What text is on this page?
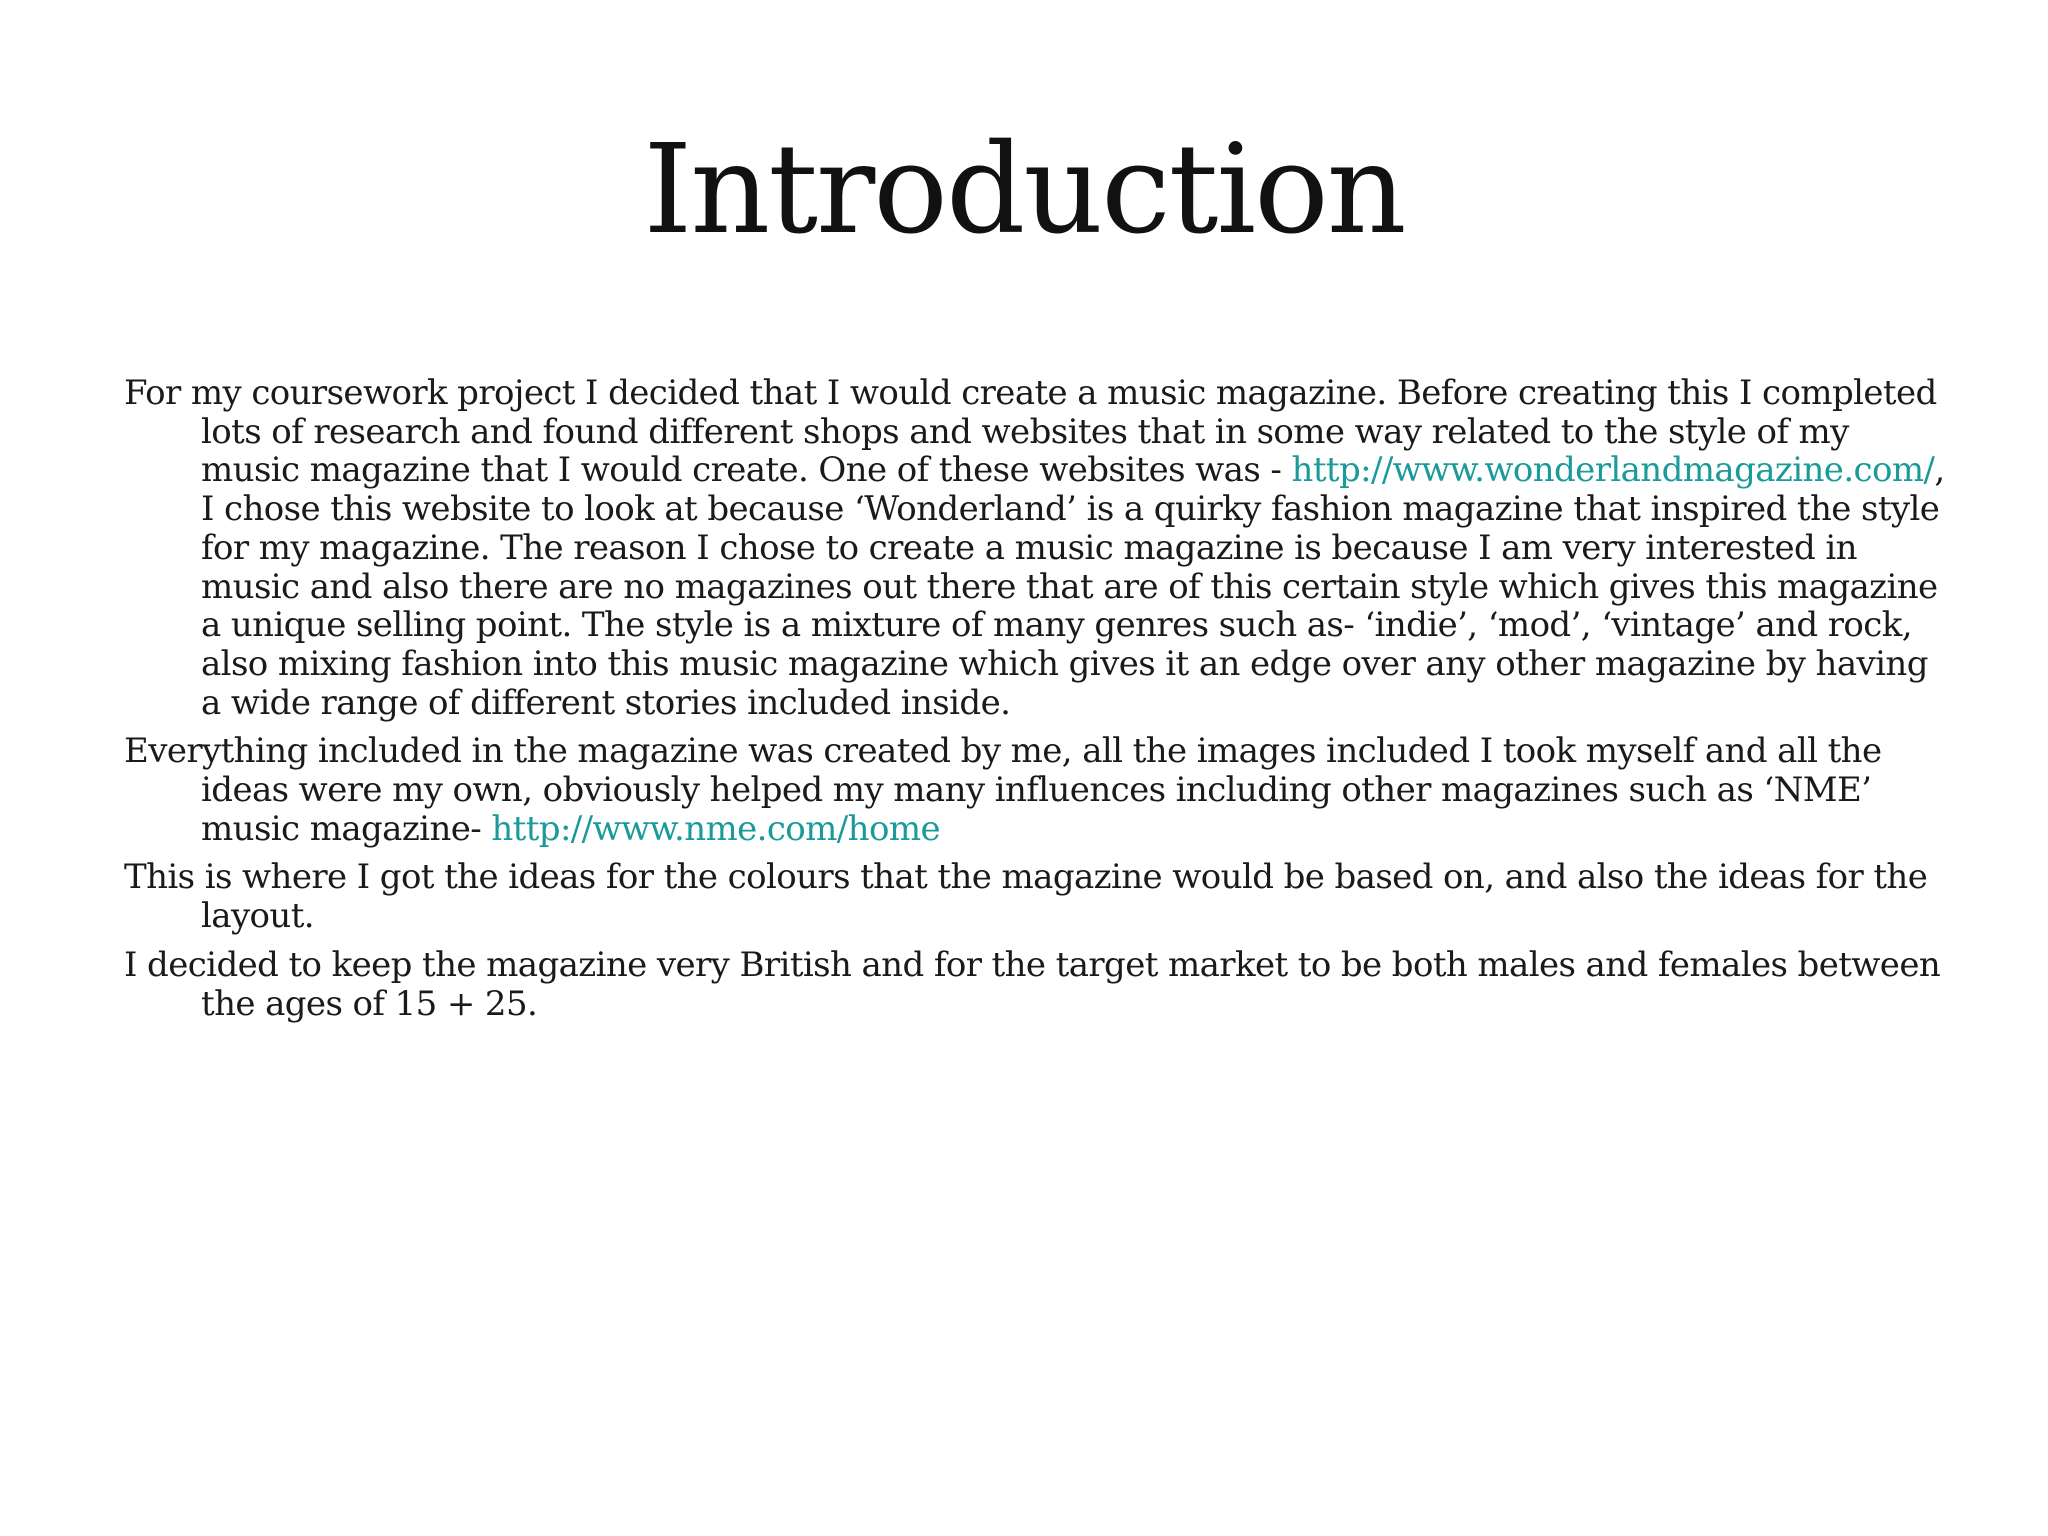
Introduction

For my coursework project I decided that I would create a music magazine. Before creating this I completed lots of research and found different shops and websites that in some way related to the style of my music magazine that I would create. One of these websites was - http://www.wonderlandmagazine.com/, I chose this website to look at because ‘Wonderland’ is a quirky fashion magazine that inspired the style for my magazine. The reason I chose to create a music magazine is because I am very interested in music and also there are no magazines out there that are of this certain style which gives this magazine a unique selling point. The style is a mixture of many genres such as- ‘indie’, ‘mod’, ‘vintage’ and rock, also mixing fashion into this music magazine which gives it an edge over any other magazine by having a wide range of different stories included inside.

Everything included in the magazine was created by me, all the images included I took myself and all the ideas were my own, obviously helped my many influences including other magazines such as ‘NME’ music magazine- http://www.nme.com/home

This is where I got the ideas for the colours that the magazine would be based on, and also the ideas for the layout.

I decided to keep the magazine very British and for the target market to be both males and females between the ages of 15 + 25.
